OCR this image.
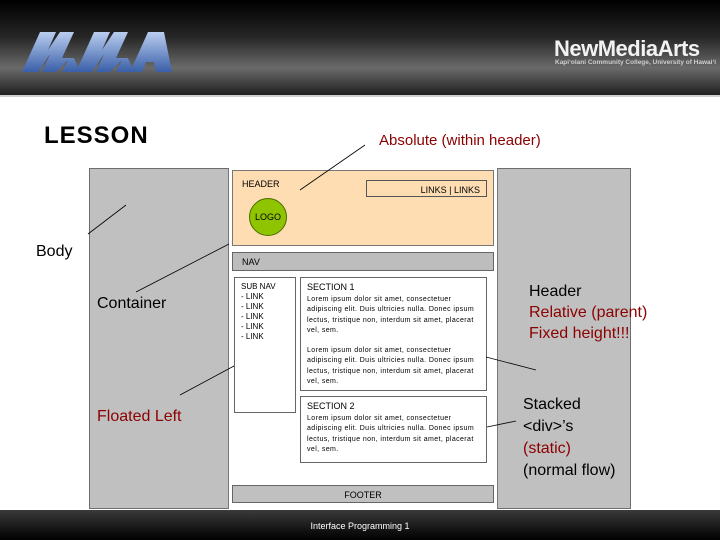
NewMediaArts
Kapiʻolani Community College, University of Hawaiʻi
LESSON
HEADER
LINKS | LINKS
LOGO
NAV
SUB NAV
- LINK
- LINK
- LINK
- LINK
- LINK
SECTION 1

Lorem ipsum dolor sit amet, consectetuer adipiscing elit. Duis ultricies nulla. Donec ipsum lectus, tristique non, interdum sit amet, placerat vel, sem.

Lorem ipsum dolor sit amet, consectetuer adipiscing elit. Duis ultricies nulla. Donec ipsum lectus, tristique non, interdum sit amet, placerat vel, sem.

SECTION 2

Lorem ipsum dolor sit amet, consectetuer adipiscing elit. Duis ultricies nulla. Donec ipsum lectus, tristique non, interdum sit amet, placerat vel, sem.

FOOTER
Absolute (within header)
Body
Container
Floated Left
Header
Relative (parent)
Fixed height!!!
Stacked
<div>’s
(static)
(normal flow)
Interface Programming 1
